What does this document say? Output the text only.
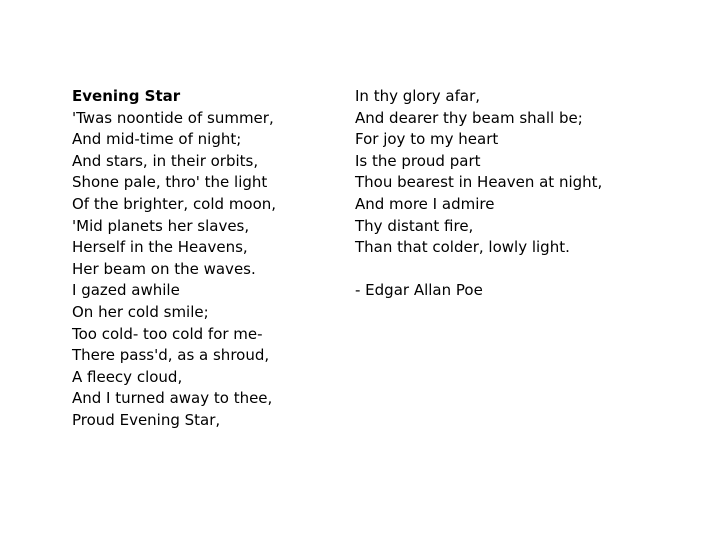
Evening Star
'Twas noontide of summer,
And mid-time of night;
And stars, in their orbits,
Shone pale, thro' the light
Of the brighter, cold moon,
'Mid planets her slaves,
Herself in the Heavens,
Her beam on the waves.
I gazed awhile
On her cold smile;
Too cold- too cold for me-
There pass'd, as a shroud,
A fleecy cloud,
And I turned away to thee,
Proud Evening Star,
In thy glory afar,
And dearer thy beam shall be;
For joy to my heart
Is the proud part
Thou bearest in Heaven at night,
And more I admire
Thy distant fire,
Than that colder, lowly light.
- Edgar Allan Poe
